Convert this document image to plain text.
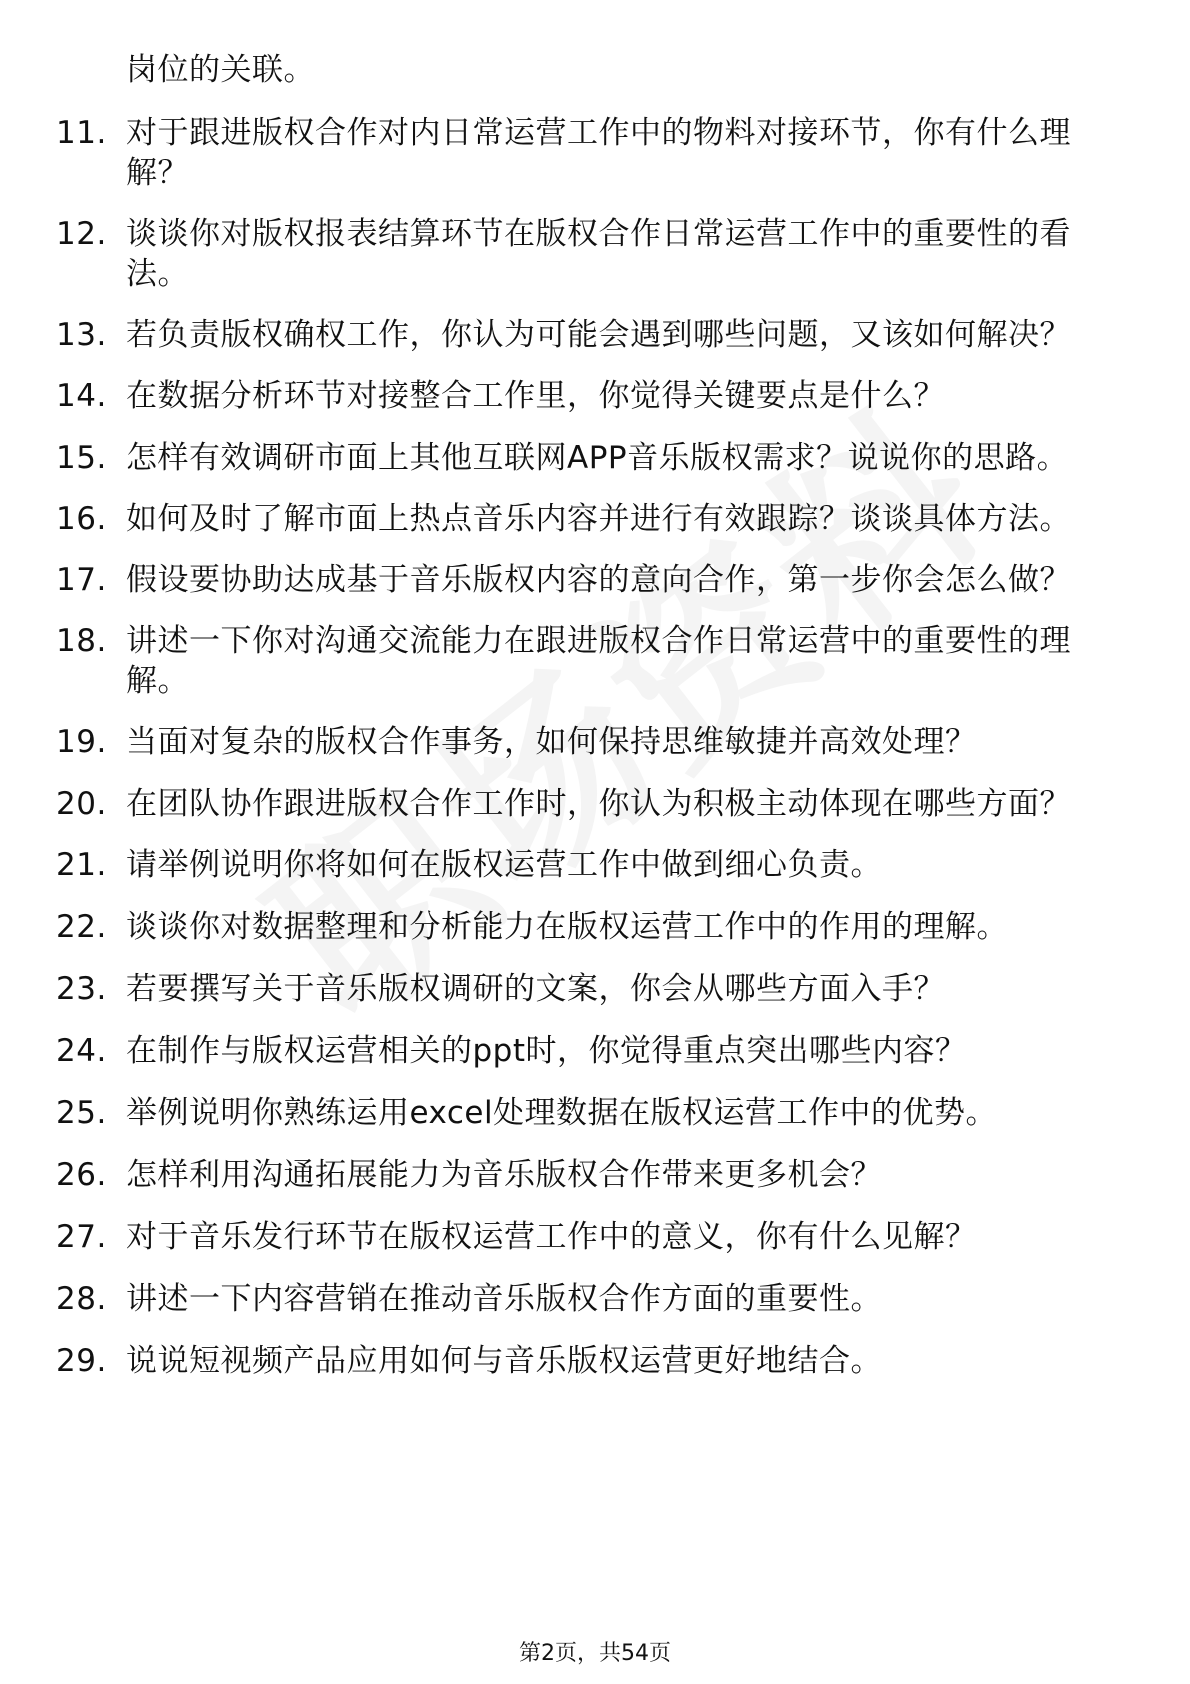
岗位的关联。
11. 对于跟进版权合作对内日常运营工作中的物料对接环节，你有什么理解？
12. 谈谈你对版权报表结算环节在版权合作日常运营工作中的重要性的看法。
13. 若负责版权确权工作，你认为可能会遇到哪些问题，又该如何解决？
14. 在数据分析环节对接整合工作里，你觉得关键要点是什么？
15. 怎样有效调研市面上其他互联网APP音乐版权需求？说说你的思路。
16. 如何及时了解市面上热点音乐内容并进行有效跟踪？谈谈具体方法。
17. 假设要协助达成基于音乐版权内容的意向合作，第一步你会怎么做？
18. 讲述一下你对沟通交流能力在跟进版权合作日常运营中的重要性的理解。
19. 当面对复杂的版权合作事务，如何保持思维敏捷并高效处理？
20. 在团队协作跟进版权合作工作时，你认为积极主动体现在哪些方面？
21. 请举例说明你将如何在版权运营工作中做到细心负责。
22. 谈谈你对数据整理和分析能力在版权运营工作中的作用的理解。
23. 若要撰写关于音乐版权调研的文案，你会从哪些方面入手？
24. 在制作与版权运营相关的ppt时，你觉得重点突出哪些内容？
25. 举例说明你熟练运用excel处理数据在版权运营工作中的优势。
26. 怎样利用沟通拓展能力为音乐版权合作带来更多机会？
27. 对于音乐发行环节在版权运营工作中的意义，你有什么见解？
28. 讲述一下内容营销在推动音乐版权合作方面的重要性。
29. 说说短视频产品应用如何与音乐版权运营更好地结合。
第2页，共54页
